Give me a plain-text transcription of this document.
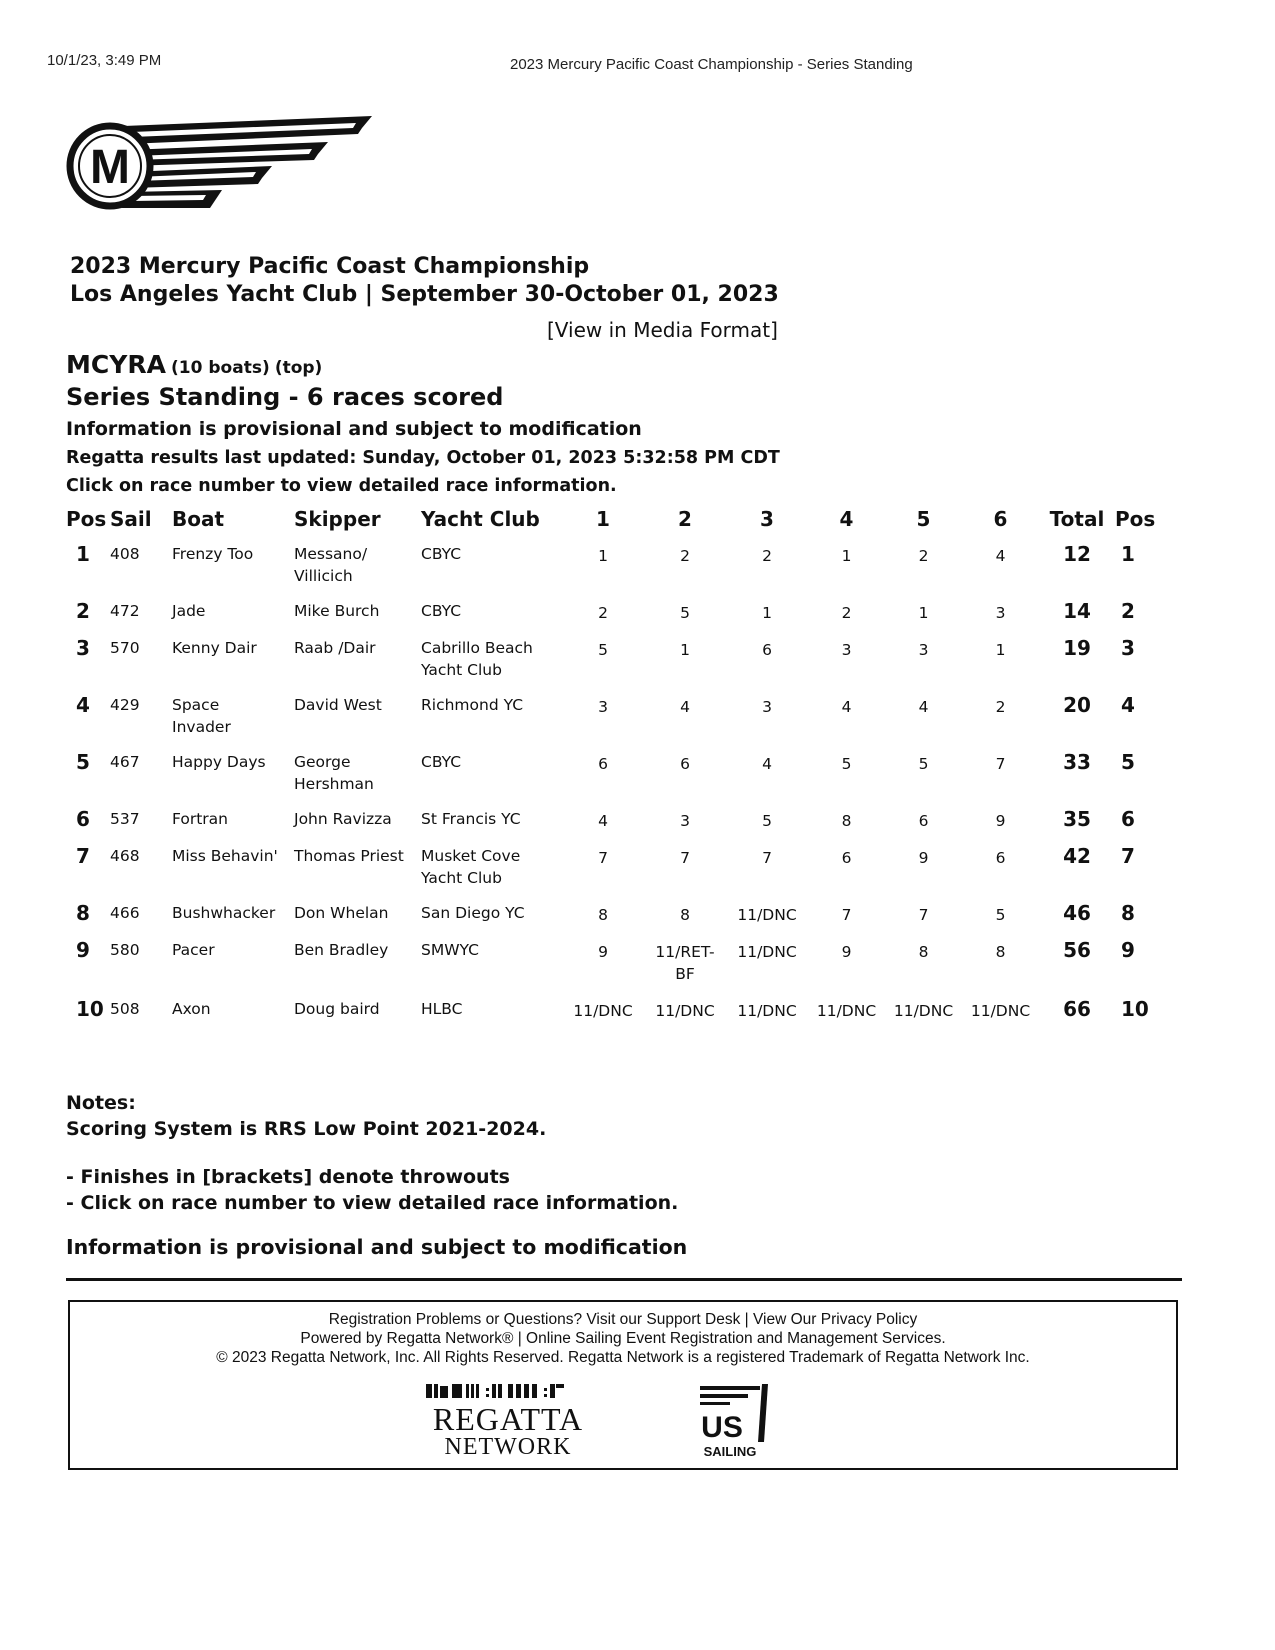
10/1/23, 3:49 PM	2023 Mercury Pacific Coast Championship - Series Standing
M
2023 Mercury Pacific Coast Championship
Los Angeles Yacht Club | September 30-October 01, 2023
[View in Media Format]
MCYRA (10 boats) (top)
Series Standing - 6 races scored
Information is provisional and subject to modification
Regatta results last updated: Sunday, October 01, 2023 5:32:58 PM CDT
Click on race number to view detailed race information.
Pos	Sail	Boat	Skipper	Yacht Club	1	2	3	4	5	6	Total	Pos
1	408	Frenzy Too	Messano/
Villicich	CBYC	1	2	2	1	2	4	12	1
2	472	Jade	Mike Burch	CBYC	2	5	1	2	1	3	14	2
3	570	Kenny Dair	Raab /Dair	Cabrillo Beach
Yacht Club	5	1	6	3	3	1	19	3
4	429	Space
Invader	David West	Richmond YC	3	4	3	4	4	2	20	4
5	467	Happy Days	George
Hershman	CBYC	6	6	4	5	5	7	33	5
6	537	Fortran	John Ravizza	St Francis YC	4	3	5	8	6	9	35	6
7	468	Miss Behavin'	Thomas Priest	Musket Cove
Yacht Club	7	7	7	6	9	6	42	7
8	466	Bushwhacker	Don Whelan	San Diego YC	8	8	11/DNC	7	7	5	46	8
9	580	Pacer	Ben Bradley	SMWYC	9	11/RET-
BF	11/DNC	9	8	8	56	9
10	508	Axon	Doug baird	HLBC	11/DNC	11/DNC	11/DNC	11/DNC	11/DNC	11/DNC	66	10

Notes:

Scoring System is RRS Low Point 2021-2024.

- Finishes in [brackets] denote throwouts

- Click on race number to view detailed race information.

Information is provisional and subject to modification

Registration Problems or Questions? Visit our Support Desk | View Our Privacy Policy
Powered by Regatta Network® | Online Sailing Event Registration and Management Services.
© 2023 Regatta Network, Inc. All Rights Reserved. Regatta Network is a registered Trademark of Regatta Network Inc.
REGATTA
NETWORK
US
SAILING
